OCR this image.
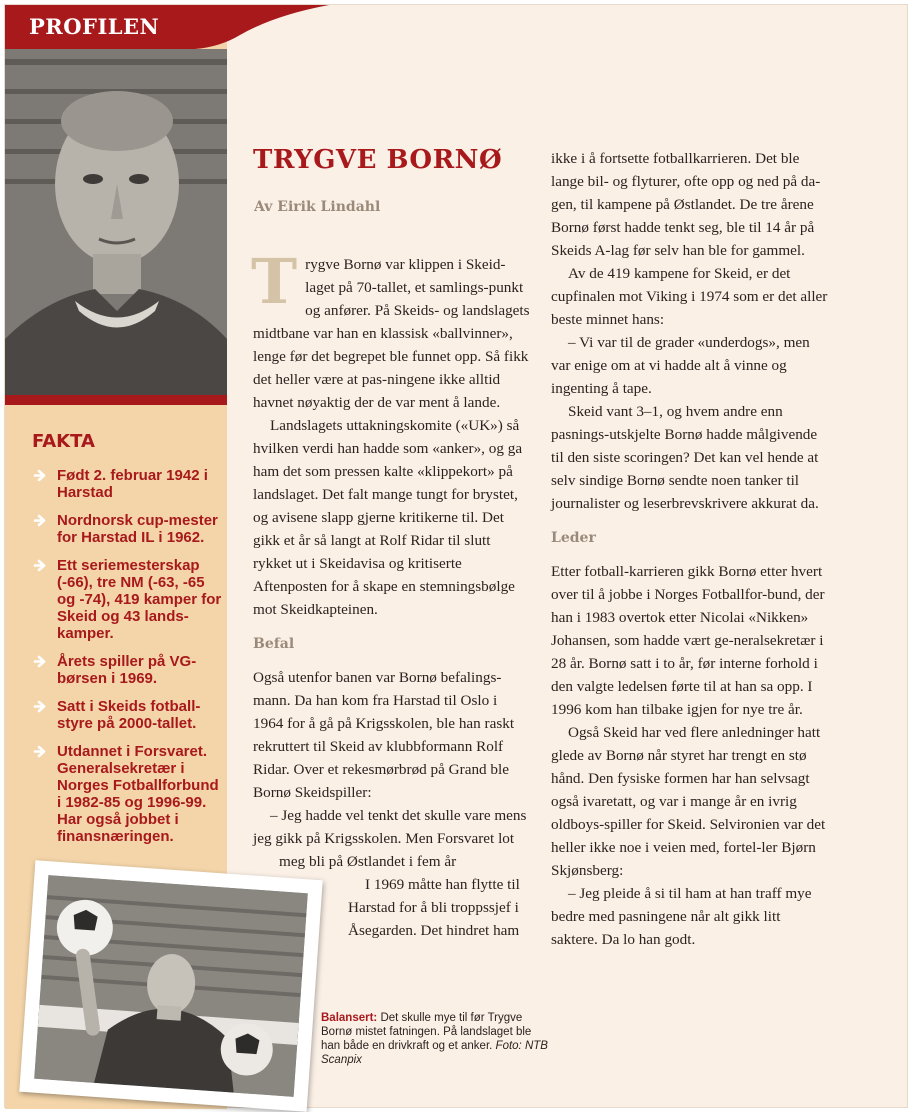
FAKTA
Født 2. februar 1942 i Harstad
Nordnorsk cup-mester for Harstad IL i 1962.
Ett seriemesterskap (-66), tre NM (-63, -65 og -74), 419 kamper for Skeid og 43 lands-kamper.
Årets spiller på VG-børsen i 1969.
Satt i Skeids fotball-styre på 2000-tallet.
Utdannet i Forsvaret. Generalsekretær i Norges Fotballforbund i 1982-85 og 1996-99. Har også jobbet i finansnæringen.
PROFILEN
TRYGVE BORNØ
Av Eirik Lindahl

Trygve Bornø var klippen i Skeid-laget på 70-tallet, et samlings-punkt og anfører. På Skeids- og landslagets midtbane var han en klassisk «ballvinner», lenge før det begrepet ble funnet opp. Så fikk det heller være at pas-ningene ikke alltid havnet nøyaktig der de var ment å lande.

Landslagets uttakningskomite («UK») så hvilken verdi han hadde som «anker», og ga ham det som pressen kalte «klippekort» på landslaget. Det falt mange tungt for brystet, og avisene slapp gjerne kritikerne til. Det gikk et år så langt at Rolf Ridar til slutt rykket ut i Skeidavisa og kritiserte Aftenposten for å skape en stemningsbølge mot Skeidkapteinen.

Befal

Også utenfor banen var Bornø befalings-mann. Da han kom fra Harstad til Oslo i 1964 for å gå på Krigsskolen, ble han raskt rekruttert til Skeid av klubbformann Rolf Ridar. Over et rekesmørbrød på Grand ble Bornø Skeidspiller:

– Jeg hadde vel tenkt det skulle vare mens jeg gikk på Krigsskolen. Men Forsvaret lot

meg bli på Østlandet i fem år

I 1969 måtte han flytte til

Harstad for å bli troppssjef i

Åsegarden. Det hindret ham

ikke i å fortsette fotballkarrieren. Det ble lange bil- og flyturer, ofte opp og ned på da-gen, til kampene på Østlandet. De tre årene Bornø først hadde tenkt seg, ble til 14 år på Skeids A-lag før selv han ble for gammel.

Av de 419 kampene for Skeid, er det cupfinalen mot Viking i 1974 som er det aller beste minnet hans:

– Vi var til de grader «underdogs», men var enige om at vi hadde alt å vinne og ingenting å tape.

Skeid vant 3–1, og hvem andre enn pasnings-utskjelte Bornø hadde målgivende til den siste scoringen? Det kan vel hende at selv sindige Bornø sendte noen tanker til journalister og leserbrevskrivere akkurat da.

Leder

Etter fotball-karrieren gikk Bornø etter hvert over til å jobbe i Norges Fotballfor-bund, der han i 1983 overtok etter Nicolai «Nikken» Johansen, som hadde vært ge-neralsekretær i 28 år. Bornø satt i to år, før interne forhold i den valgte ledelsen førte til at han sa opp. I 1996 kom han tilbake igjen for nye tre år.

Også Skeid har ved flere anledninger hatt glede av Bornø når styret har trengt en stø hånd. Den fysiske formen har han selvsagt også ivaretatt, og var i mange år en ivrig oldboys-spiller for Skeid. Selvironien var det heller ikke noe i veien med, fortel-ler Bjørn Skjønsberg:

– Jeg pleide å si til ham at han traff mye bedre med pasningene når alt gikk litt saktere. Da lo han godt.

Balansert: Det skulle mye til før Trygve Bornø mistet fatningen. På landslaget ble han både en drivkraft og et anker. Foto: NTB Scanpix
